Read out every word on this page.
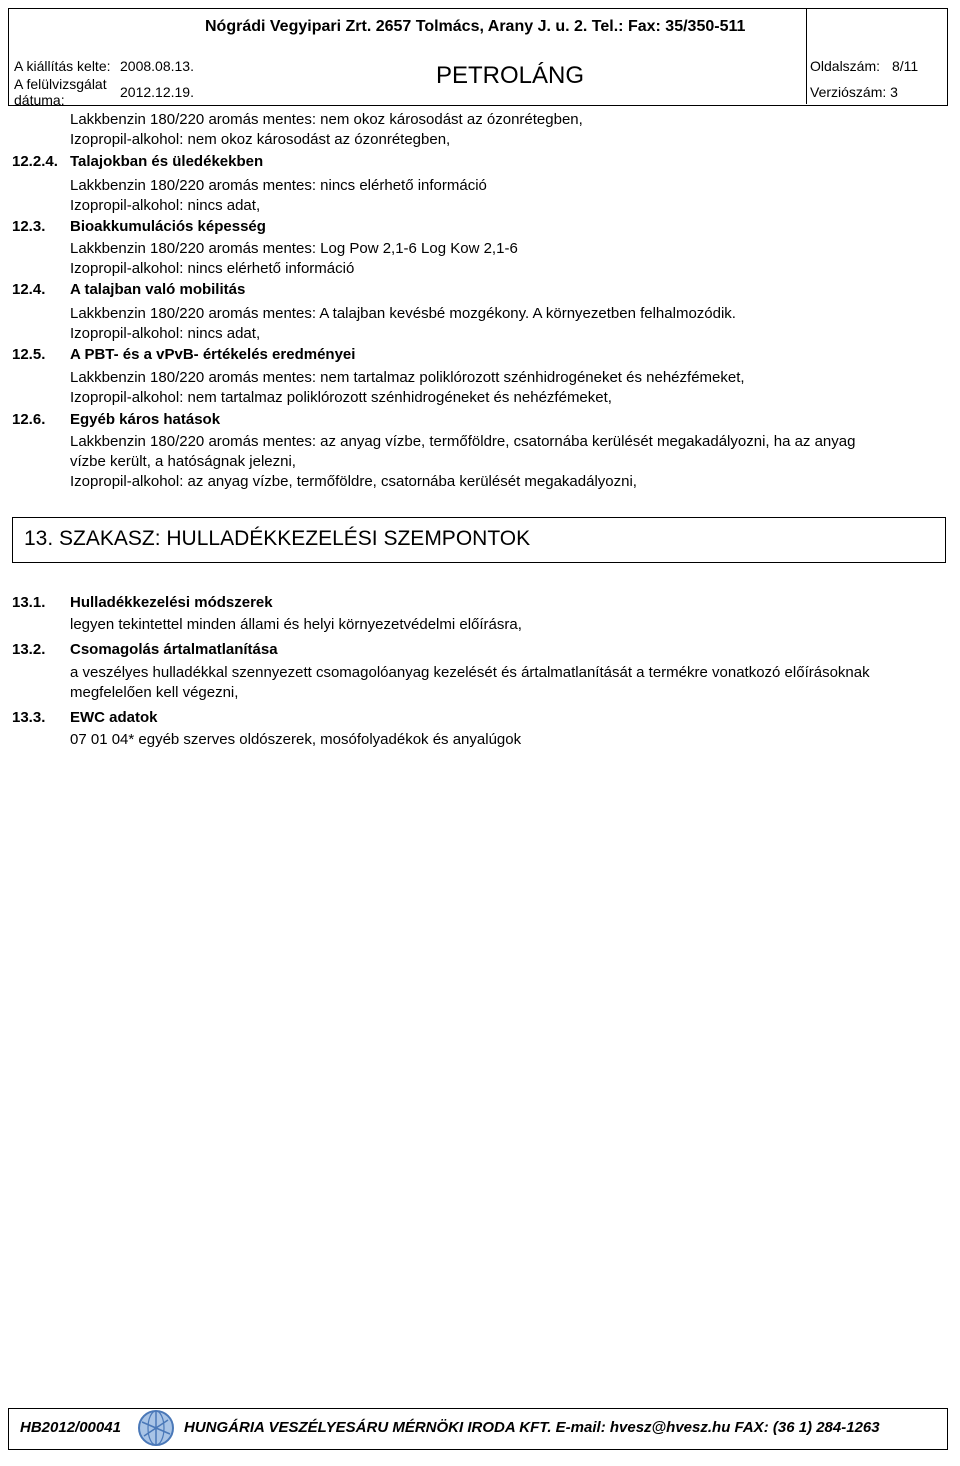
Nógrádi Vegyipari Zrt. 2657 Tolmács, Arany J. u. 2. Tel.: Fax: 35/350-511
A kiállítás kelte: 2008.08.13.
A felülvizsgálat
dátuma:	2012.12.19.
PETROLÁNG	Oldalszám: 8/11
Verziószám: 3
Lakkbenzin 180/220 aromás mentes: nem okoz károsodást az ózonrétegben,
Izopropil-alkohol: nem okoz károsodást az ózonrétegben,
12.2.4. Talajokban és üledékekben
Lakkbenzin 180/220 aromás mentes: nincs elérhető információ
Izopropil-alkohol: nincs adat,
12.3. Bioakkumulációs képesség
Lakkbenzin 180/220 aromás mentes: Log Pow 2,1-6 Log Kow 2,1-6
Izopropil-alkohol: nincs elérhető információ
12.4. A talajban való mobilitás
Lakkbenzin 180/220 aromás mentes: A talajban kevésbé mozgékony. A környezetben felhalmozódik.
Izopropil-alkohol: nincs adat,
12.5. A PBT- és a vPvB- értékelés eredményei
Lakkbenzin 180/220 aromás mentes: nem tartalmaz poliklórozott szénhidrogéneket és nehézfémeket,
Izopropil-alkohol: nem tartalmaz poliklórozott szénhidrogéneket és nehézfémeket,
12.6. Egyéb káros hatások
Lakkbenzin 180/220 aromás mentes: az anyag vízbe, termőföldre, csatornába kerülését megakadályozni, ha az anyag
vízbe került, a hatóságnak jelezni,
Izopropil-alkohol: az anyag vízbe, termőföldre, csatornába kerülését megakadályozni,
13. SZAKASZ: HULLADÉKKEZELÉSI SZEMPONTOK
13.1. Hulladékkezelési módszerek
legyen tekintettel minden állami és helyi környezetvédelmi előírásra,
13.2. Csomagolás ártalmatlanítása
a veszélyes hulladékkal szennyezett csomagolóanyag kezelését és ártalmatlanítását a termékre vonatkozó előírásoknak
megfelelően kell végezni,
13.3. EWC adatok
07 01 04* egyéb szerves oldószerek, mosófolyadékok és anyalúgok
HB2012/00041	HUNGÁRIA VESZÉLYESÁRU MÉRNÖKI IRODA KFT. E-mail: hvesz@hvesz.hu FAX: (36 1) 284-1263
